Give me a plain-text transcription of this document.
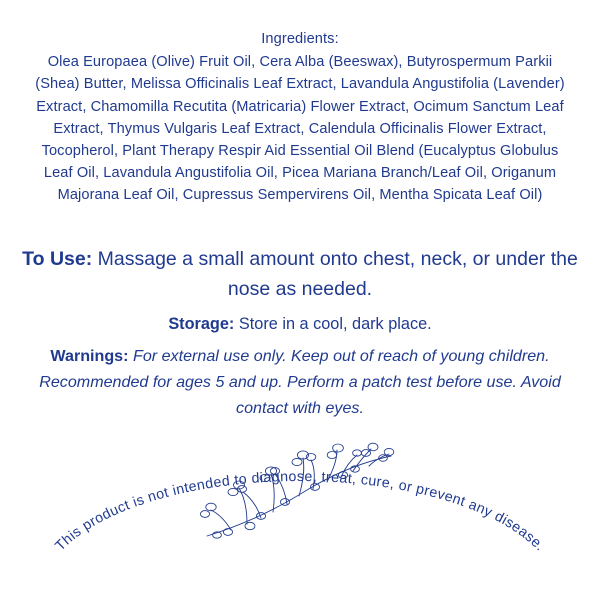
Ingredients:
Olea Europaea (Olive) Fruit Oil, Cera Alba (Beeswax), Butyrospermum Parkii (Shea) Butter, Melissa Officinalis Leaf Extract, Lavandula Angustifolia (Lavender) Extract, Chamomilla Recutita (Matricaria) Flower Extract, Ocimum Sanctum Leaf Extract, Thymus Vulgaris Leaf Extract, Calendula Officinalis Flower Extract, Tocopherol, Plant Therapy Respir Aid Essential Oil Blend (Eucalyptus Globulus Leaf Oil, Lavandula Angustifolia Oil, Picea Mariana Branch/Leaf Oil, Origanum Majorana Leaf Oil, Cupressus Sempervirens Oil, Mentha Spicata Leaf Oil)

To Use: Massage a small amount onto chest, neck, or under the nose as needed.

Storage: Store in a cool, dark place.

Warnings: For external use only. Keep out of reach of young children. Recommended for ages 5 and up. Perform a patch test before use. Avoid contact with eyes.

This product is not intended to diagnose, treat, cure, or prevent any disease.
